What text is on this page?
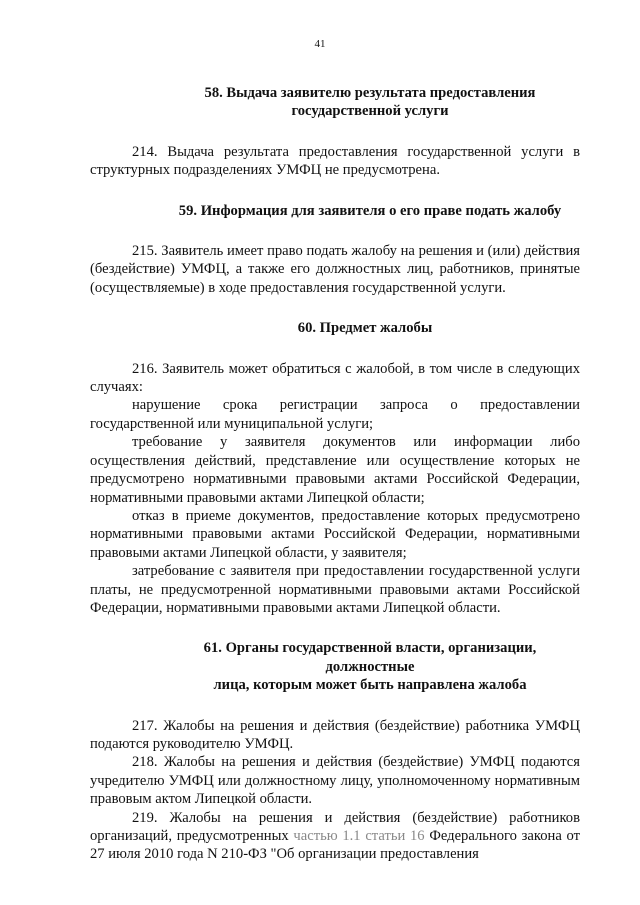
41

58. Выдача заявителю результата предоставления
государственной услуги

214. Выдача результата предоставления государственной услуги в структурных подразделениях УМФЦ не предусмотрена.

59. Информация для заявителя о его праве подать жалобу

215. Заявитель имеет право подать жалобу на решения и (или) действия (бездействие) УМФЦ, а также его должностных лиц, работников, принятые (осуществляемые) в ходе предоставления государственной услуги.

60. Предмет жалобы

216. Заявитель может обратиться с жалобой, в том числе в следующих случаях:

нарушение срока регистрации запроса о предоставлении государственной или муниципальной услуги;

требование у заявителя документов или информации либо осуществления действий, представление или осуществление которых не предусмотрено нормативными правовыми актами Российской Федерации, нормативными правовыми актами Липецкой области;

отказ в приеме документов, предоставление которых предусмотрено нормативными правовыми актами Российской Федерации, нормативными правовыми актами Липецкой области, у заявителя;

затребование с заявителя при предоставлении государственной услуги платы, не предусмотренной нормативными правовыми актами Российской Федерации, нормативными правовыми актами Липецкой области.

61. Органы государственной власти, организации, должностные
лица, которым может быть направлена жалоба

217. Жалобы на решения и действия (бездействие) работника УМФЦ подаются руководителю УМФЦ.

218. Жалобы на решения и действия (бездействие) УМФЦ подаются учредителю УМФЦ или должностному лицу, уполномоченному нормативным правовым актом Липецкой области.

219. Жалобы на решения и действия (бездействие) работников организаций, предусмотренных частью 1.1 статьи 16 Федерального закона от 27 июля 2010 года N 210-ФЗ "Об организации предоставления
